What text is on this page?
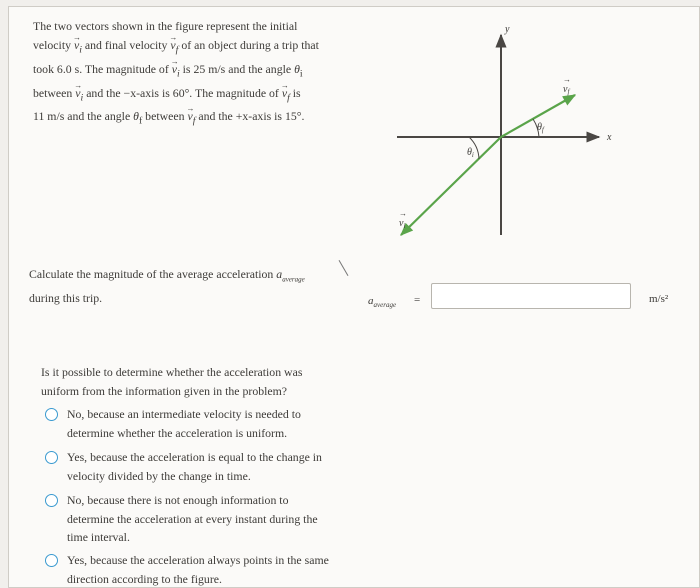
The two vectors shown in the figure represent the initial
velocity → $v_i$ and final velocity → $v_f$ of an object during a trip that
took 6.0 s. The magnitude of → $v_i$ is 25 m/s and the angle $\theta_i$
between → $v_i$ and the −x-axis is 60°. The magnitude of → $v_f$ is
11 m/s and the angle $\theta_f$ between → $v_f$ and the +x-axis is 15°.
y
x
$v_f$
→
$v_i$
→
$\theta_f$
$\theta_i$
Calculate the magnitude of the average acceleration $a_{average}$
during this trip.	$a_{average}$ =	m/s²
Is it possible to determine whether the acceleration was
uniform from the information given in the problem?
No, because an intermediate velocity is needed to determine whether the acceleration is uniform.
Yes, because the acceleration is equal to the change in velocity divided by the change in time.
No, because there is not enough information to determine the acceleration at every instant during the time interval.
Yes, because the acceleration always points in the same direction according to the figure.
